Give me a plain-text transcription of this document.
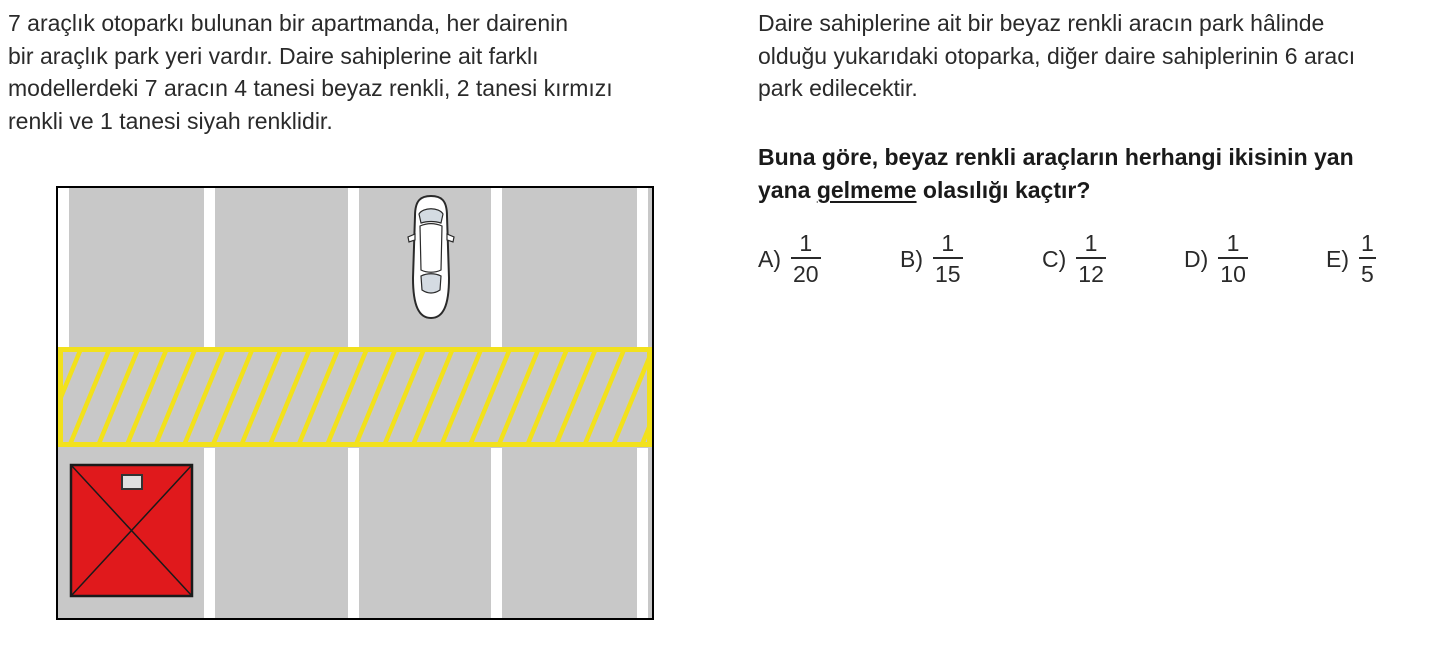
7 araçlık otoparkı bulunan bir apartmanda, her dairenin
bir araçlık park yeri vardır. Daire sahiplerine ait farklı
modellerdeki 7 aracın 4 tanesi beyaz renkli, 2 tanesi kırmızı
renkli ve 1 tanesi siyah renklidir.

Daire sahiplerine ait bir beyaz renkli aracın park hâlinde
olduğu yukarıdaki otoparka, diğer daire sahiplerinin 6 aracı
park edilecektir.

Buna göre, beyaz renkli araçların herhangi ikisinin yan
yana gelmeme olasılığı kaçtır?

$A) \frac{1}{20}$	$B) \frac{1}{15}$	$C) \frac{1}{12}$	$D) \frac{1}{10}$	$E) \frac{1}{5}$
